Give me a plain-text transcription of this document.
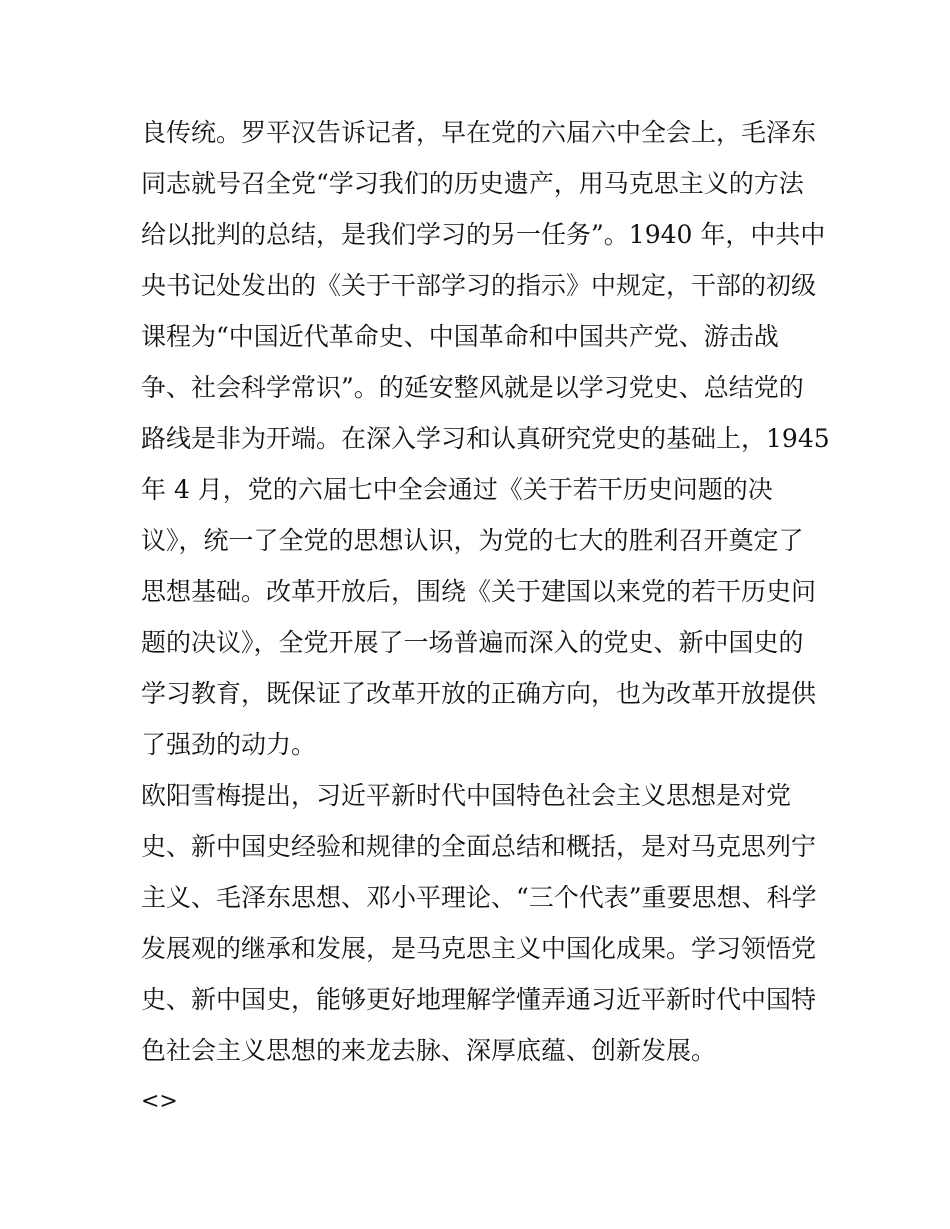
良传统。罗平汉告诉记者，早在党的六届六中全会上，毛泽东
同志就号召全党“学习我们的历史遗产，用马克思主义的方法
给以批判的总结，是我们学习的另一任务”。1940 年，中共中
央书记处发出的《关于干部学习的指示》中规定，干部的初级
课程为“中国近代革命史、中国革命和中国共产党、游击战
争、社会科学常识”。的延安整风就是以学习党史、总结党的
路线是非为开端。在深入学习和认真研究党史的基础上，1945
年 4 月，党的六届七中全会通过《关于若干历史问题的决
议》，统一了全党的思想认识，为党的七大的胜利召开奠定了
思想基础。改革开放后，围绕《关于建国以来党的若干历史问
题的决议》，全党开展了一场普遍而深入的党史、新中国史的
学习教育，既保证了改革开放的正确方向，也为改革开放提供
了强劲的动力。
欧阳雪梅提出，习近平新时代中国特色社会主义思想是对党
史、新中国史经验和规律的全面总结和概括，是对马克思列宁
主义、毛泽东思想、邓小平理论、“三个代表”重要思想、科学
发展观的继承和发展，是马克思主义中国化成果。学习领悟党
史、新中国史，能够更好地理解学懂弄通习近平新时代中国特
色社会主义思想的来龙去脉、深厚底蕴、创新发展。
<>
